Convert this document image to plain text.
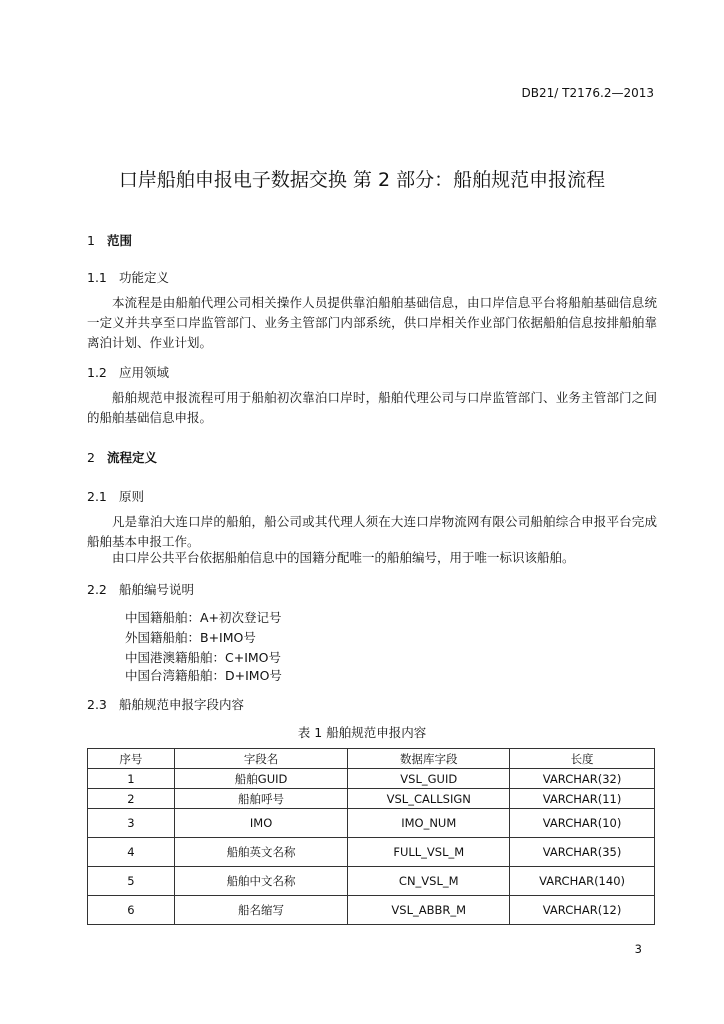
DB21/ T2176.2—2013
口岸船舶申报电子数据交换 第 2 部分：船舶规范申报流程
1 范围
1.1 功能定义
本流程是由船舶代理公司相关操作人员提供靠泊船舶基础信息，由口岸信息平台将船舶基础信息统一定义并共享至口岸监管部门、业务主管部门内部系统，供口岸相关作业部门依据船舶信息按排船舶靠离泊计划、作业计划。
1.2 应用领域
船舶规范申报流程可用于船舶初次靠泊口岸时，船舶代理公司与口岸监管部门、业务主管部门之间的船舶基础信息申报。
2 流程定义
2.1 原则
凡是靠泊大连口岸的船舶，船公司或其代理人须在大连口岸物流网有限公司船舶综合申报平台完成船舶基本申报工作。
由口岸公共平台依据船舶信息中的国籍分配唯一的船舶编号，用于唯一标识该船舶。
2.2 船舶编号说明
中国籍船舶：A+初次登记号
外国籍船舶：B+IMO号
中国港澳籍船舶：C+IMO号
中国台湾籍船舶：D+IMO号
2.3 船舶规范申报字段内容
表 1 船舶规范申报内容
序号	字段名	数据库字段	长度
1	船舶GUID	VSL_GUID	VARCHAR(32)
2	船舶呼号	VSL_CALLSIGN	VARCHAR(11)
3	IMO	IMO_NUM	VARCHAR(10)
4	船舶英文名称	FULL_VSL_M	VARCHAR(35)
5	船舶中文名称	CN_VSL_M	VARCHAR(140)
6	船名缩写	VSL_ABBR_M	VARCHAR(12)
3
